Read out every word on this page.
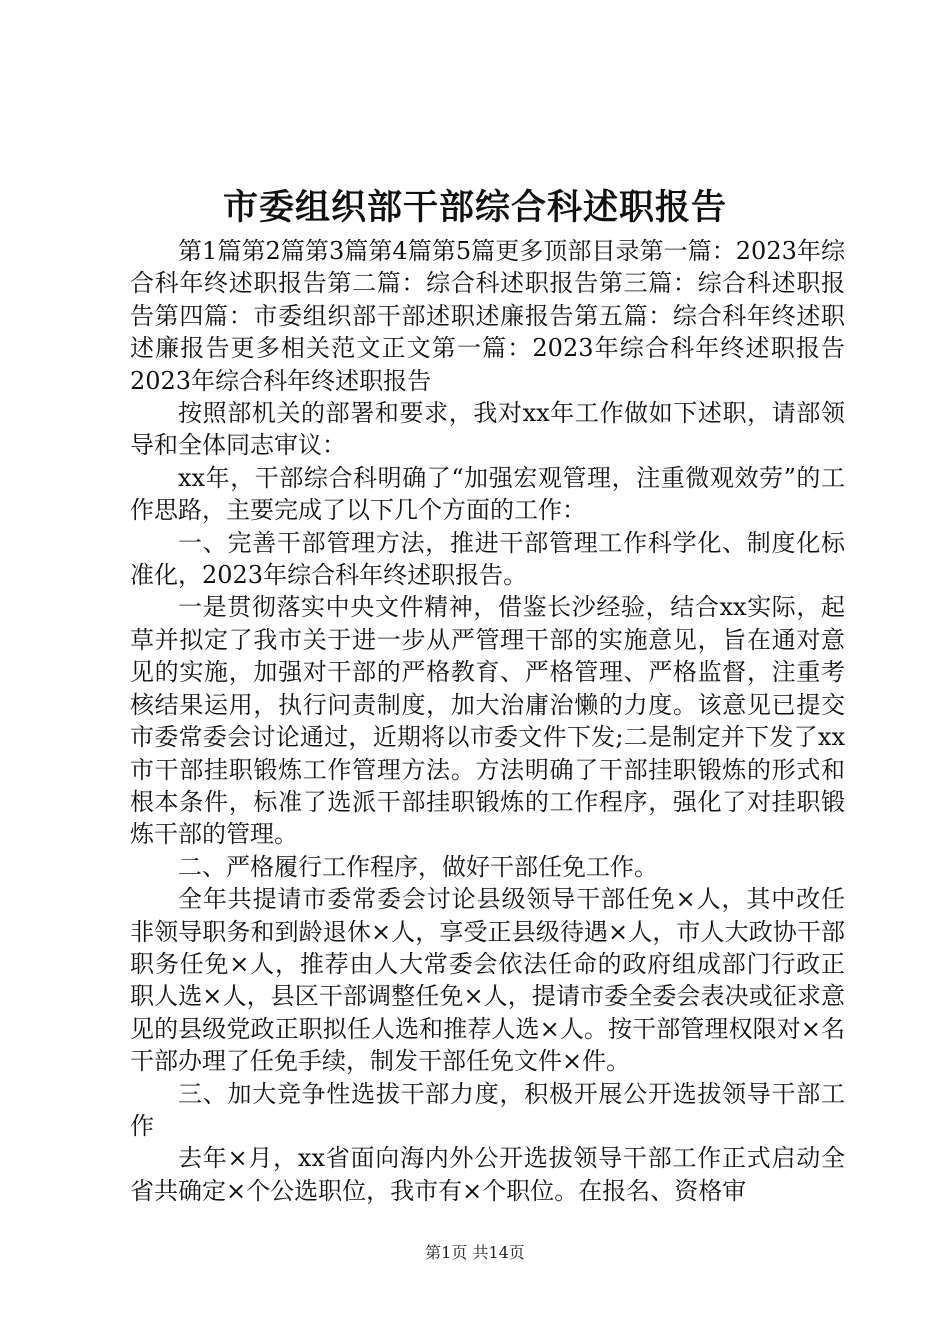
市委组织部干部综合科述职报告

第1篇第2篇第3篇第4篇第5篇更多顶部目录第一篇：2023年综合科年终述职报告第二篇：综合科述职报告第三篇：综合科述职报告第四篇：市委组织部干部述职述廉报告第五篇：综合科年终述职述廉报告更多相关范文正文第一篇：2023年综合科年终述职报告2023年综合科年终述职报告

按照部机关的部署和要求，我对xx年工作做如下述职，请部领导和全体同志审议：

xx年，干部综合科明确了“加强宏观管理，注重微观效劳”的工作思路，主要完成了以下几个方面的工作：

一、完善干部管理方法，推进干部管理工作科学化、制度化标准化，2023年综合科年终述职报告。

一是贯彻落实中央文件精神，借鉴长沙经验，结合xx实际，起草并拟定了我市关于进一步从严管理干部的实施意见，旨在通对意见的实施，加强对干部的严格教育、严格管理、严格监督，注重考核结果运用，执行问责制度，加大治庸治懒的力度。该意见已提交市委常委会讨论通过，近期将以市委文件下发;二是制定并下发了xx市干部挂职锻炼工作管理方法。方法明确了干部挂职锻炼的形式和根本条件，标准了选派干部挂职锻炼的工作程序，强化了对挂职锻炼干部的管理。

二、严格履行工作程序，做好干部任免工作。

全年共提请市委常委会讨论县级领导干部任免×人，其中改任非领导职务和到龄退休×人，享受正县级待遇×人，市人大政协干部职务任免×人，推荐由人大常委会依法任命的政府组成部门行政正职人选×人，县区干部调整任免×人，提请市委全委会表决或征求意见的县级党政正职拟任人选和推荐人选×人。按干部管理权限对×名干部办理了任免手续，制发干部任免文件×件。

三、加大竞争性选拔干部力度，积极开展公开选拔领导干部工作

去年×月，xx省面向海内外公开选拔领导干部工作正式启动全省共确定×个公选职位，我市有×个职位。在报名、资格审

第1页 共14页
